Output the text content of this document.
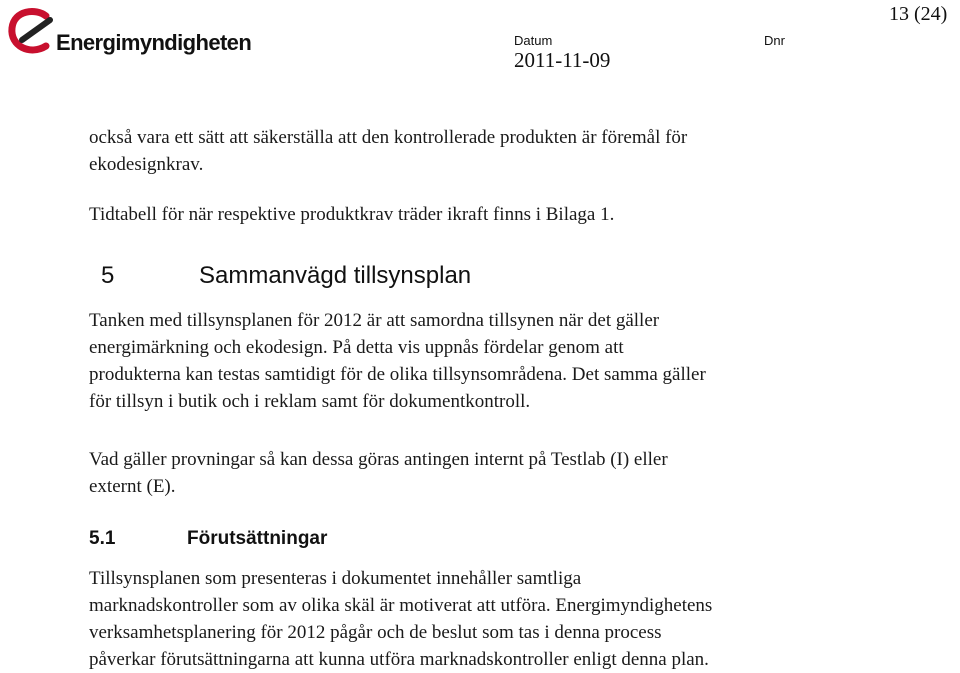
Energimyndigheten	Datum	Dnr
2011-11-09
13 (24)
också vara ett sätt att säkerställa att den kontrollerade produkten är föremål för
ekodesignkrav.
Tidtabell för när respektive produktkrav träder ikraft finns i Bilaga 1.
5	Sammanvägd tillsynsplan
Tanken med tillsynsplanen för 2012 är att samordna tillsynen när det gäller
energimärkning och ekodesign. På detta vis uppnås fördelar genom att
produkterna kan testas samtidigt för de olika tillsynsområdena. Det samma gäller
för tillsyn i butik och i reklam samt för dokumentkontroll.
Vad gäller provningar så kan dessa göras antingen internt på Testlab (I) eller
externt (E).
5.1	Förutsättningar
Tillsynsplanen som presenteras i dokumentet innehåller samtliga
marknadskontroller som av olika skäl är motiverat att utföra. Energimyndighetens
verksamhetsplanering för 2012 pågår och de beslut som tas i denna process
påverkar förutsättningarna att kunna utföra marknadskontroller enligt denna plan.
